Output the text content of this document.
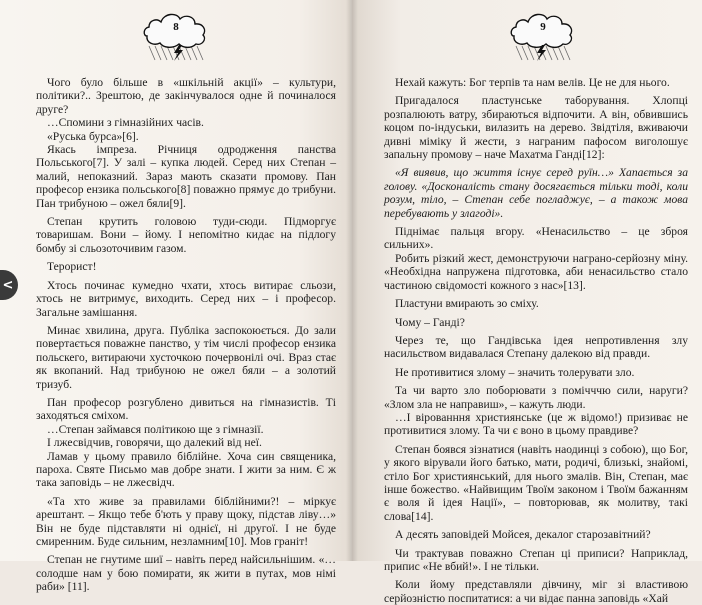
8

Чого було більше в «шкільній акції» – культури, політики?.. Зрештою, де закінчувалося одне й починалося друге?

…Спомини з гімназійних часів.

«Руська бурса»[6].

Якась імпреза. Річниця одродження панства Польського[7]. У залі – купка людей. Серед них Степан – малий, непоказний. Зараз мають сказати промову. Пан професор ензика польського[8] поважно прямує до трибуни. Пан трибуною – ожел бяли[9].

Степан крутить головою туди-сюди. Підморгує товаришам. Вони – йому. І непомітно кидає на підлогу бомбу зі сльозоточивим газом.

Терорист!

Хтось починає кумедно чхати, хтось витирає сльози, хтось не витримує, виходить. Серед них – і професор. Загальне замішання.

Минає хвилина, друга. Публіка заспокоюється. До зали повертається поважне панство, у тім числі професор ензика польскего, витираючи хусточкою почервонілі очі. Враз стає як вкопаний. Над трибуною не ожел бяли – а золотий тризуб.

Пан професор розгублено дивиться на гімназистів. Ті заходяться сміхом.

…Степан займався політикою ще з гімназії.

І лжесвідчив, говорячи, що далекий від неї.

Ламав у цьому правило біблійне. Хоча син священика, пароха. Святе Письмо мав добре знати. І жити за ним. Є ж така заповідь – не лжесвідч.

«Та хто живе за правилами біблійними?! – міркує арештант. – Якщо тебе б'ють у праву щоку, підстав ліву…» Він не буде підставляти ні однієї, ні другої. І не буде смиренним. Буде сильним, незламним[10]. Мов граніт!

Степан не гнутиме шиї – навіть перед найсильнішим. «…солодше нам у бою помирати, як жити в путах, мов німі раби» [11].

9

Нехай кажуть: Бог терпів та нам велів. Це не для нього.

Пригадалося пластунське таборування. Хлопці розпалюють ватру, збираються відпочити. А він, обвившись коцом по-індуськи, вилазить на дерево. Звідтіля, вживаючи дивні міміку й жести, з награним пафосом виголошує запальну промову – наче Махатма Ганді[12]:

«Я виявив, що життя існує серед руїн…» Хапається за голову. «Досконалість стану досягається тільки тоді, коли розум, тіло, – Степан себе погладжує, – а також мова перебувають у злагоді».

Піднімає пальця вгору. «Ненасильство – це зброя сильних».

Робить різкий жест, демонструючи награно-серйозну міну. «Необхідна напружена підготовка, аби ненасильство стало частиною свідомості кожного з нас»[13].

Пластуни вмирають зо сміху.

Чому – Ганді?

Через те, що Гандівська ідея непротивлення злу насильством видавалася Степану далекою від правди.

Не противитися злому – значить толерувати зло.

Та чи варто зло поборювати з помічччю сили, наруги? «Злом зла не направиш», – кажуть люди.

…І вірованння християнське (це ж відомо!) призиває не противитися злому. Та чи є воно в цьому правдиве?

Степан боявся зізнатися (навіть наодинці з собою), що Бог, у якого вірували його батько, мати, родичі, близькі, знайомі, стіло Бог християнський, для нього змалів. Він, Степан, має інше божество. «Найвищим Твоїм законом і Твоїм бажанням є воля й ідея Нації», – повторював, як молитву, такі слова[14].

А десять заповідей Мойсея, декалог старозавітний?

Чи трактував поважно Степан ці приписи? Наприклад, припис «Не вбий!». І не тільки.

Коли йому представляли дівчину, міг зі властивою серйозністю поспитатися: а чи відає панна заповідь «Хай

<
